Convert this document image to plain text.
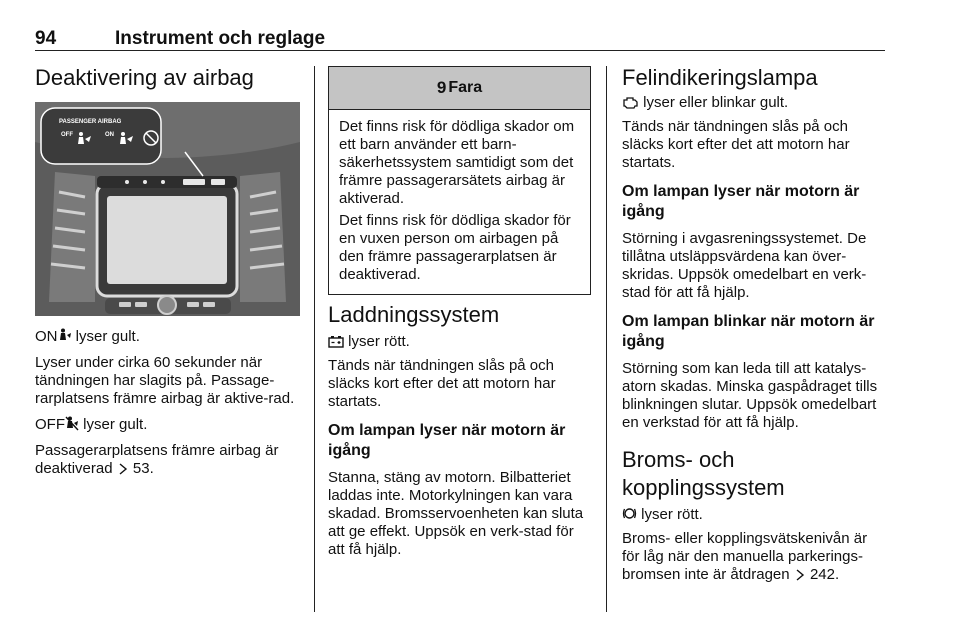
94	Instrument och reglage
Deaktivering av airbag
PASSENGER AIRBAG
OFF	ON

ON lyser gult.

Lyser under cirka 60 sekunder när tändningen har slagits på. Passage-rarplatsens främre airbag är aktive-rad.

OFF lyser gult.

Passagerarplatsens främre airbag är deaktiverad  53.

9 Fara

Det finns risk för dödliga skador om ett barn använder ett barn-säkerhetssystem samtidigt som det främre passagerarsätets airbag är aktiverad.

Det finns risk för dödliga skador för en vuxen person om airbagen på den främre passagerarplatsen är deaktiverad.

Laddningssystem

lyser rött.

Tänds när tändningen slås på och släcks kort efter det att motorn har startats.

Om lampan lyser när motorn är igång

Stanna, stäng av motorn. Bilbatteriet laddas inte. Motorkylningen kan vara skadad. Bromsservoenheten kan sluta att ge effekt. Uppsök en verk-stad för att få hjälp.

Felindikeringslampa

lyser eller blinkar gult.

Tänds när tändningen slås på och släcks kort efter det att motorn har startats.

Om lampan lyser när motorn är igång

Störning i avgasreningssystemet. De tillåtna utsläppsvärdena kan över-skridas. Uppsök omedelbart en verk-stad för att få hjälp.

Om lampan blinkar när motorn är igång

Störning som kan leda till att katalys-atorn skadas. Minska gaspådraget tills blinkningen slutar. Uppsök omedelbart en verkstad för att få hjälp.

Broms- och kopplingssystem

lyser rött.

Broms- eller kopplingsvätskenivån är för låg när den manuella parkerings-bromsen inte är åtdragen  242.
